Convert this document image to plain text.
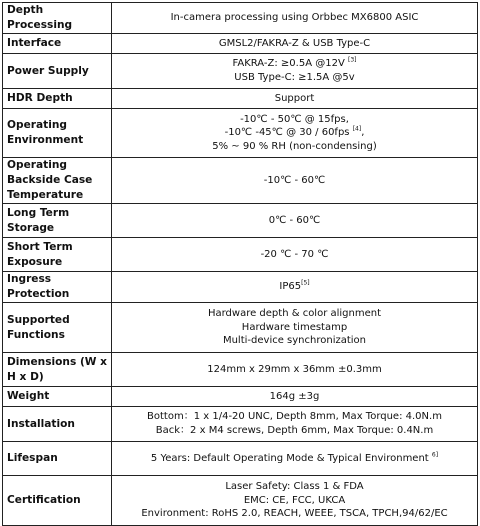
Depth Processing	In-camera processing using Orbbec MX6800 ASIC

Interface	GMSL2/FAKRA-Z & USB Type-C

Power Supply	FAKRA-Z: ≥0.5A @12V [3]
USB Type-C: ≥1.5A @5v

HDR Depth	Support

Operating Environment	-10℃ - 50℃ @ 15fps,
-10℃ -45℃ @ 30 / 60fps [4],
5% ~ 90 % RH (non-condensing)

Operating Backside Case Temperature	-10℃ - 60℃

Long Term Storage	0℃ - 60℃

Short Term Exposure	-20 ℃ - 70 ℃

Ingress Protection	IP65[5]

Supported Functions	Hardware depth & color alignment
Hardware timestamp
Multi-device synchronization

Dimensions (W x H x D)	124mm x 29mm x 36mm ±0.3mm

Weight	164g ±3g

Installation	Bottom：1 x 1/4-20 UNC, Depth 8mm, Max Torque: 4.0N.m
Back：2 x M4 screws, Depth 6mm, Max Torque: 0.4N.m

Lifespan	5 Years: Default Operating Mode & Typical Environment $^{6]}$

Certification	Laser Safety: Class 1 & FDA
EMC: CE, FCC, UKCA
Environment: RoHS 2.0, REACH, WEEE, TSCA, TPCH,94/62/EC
